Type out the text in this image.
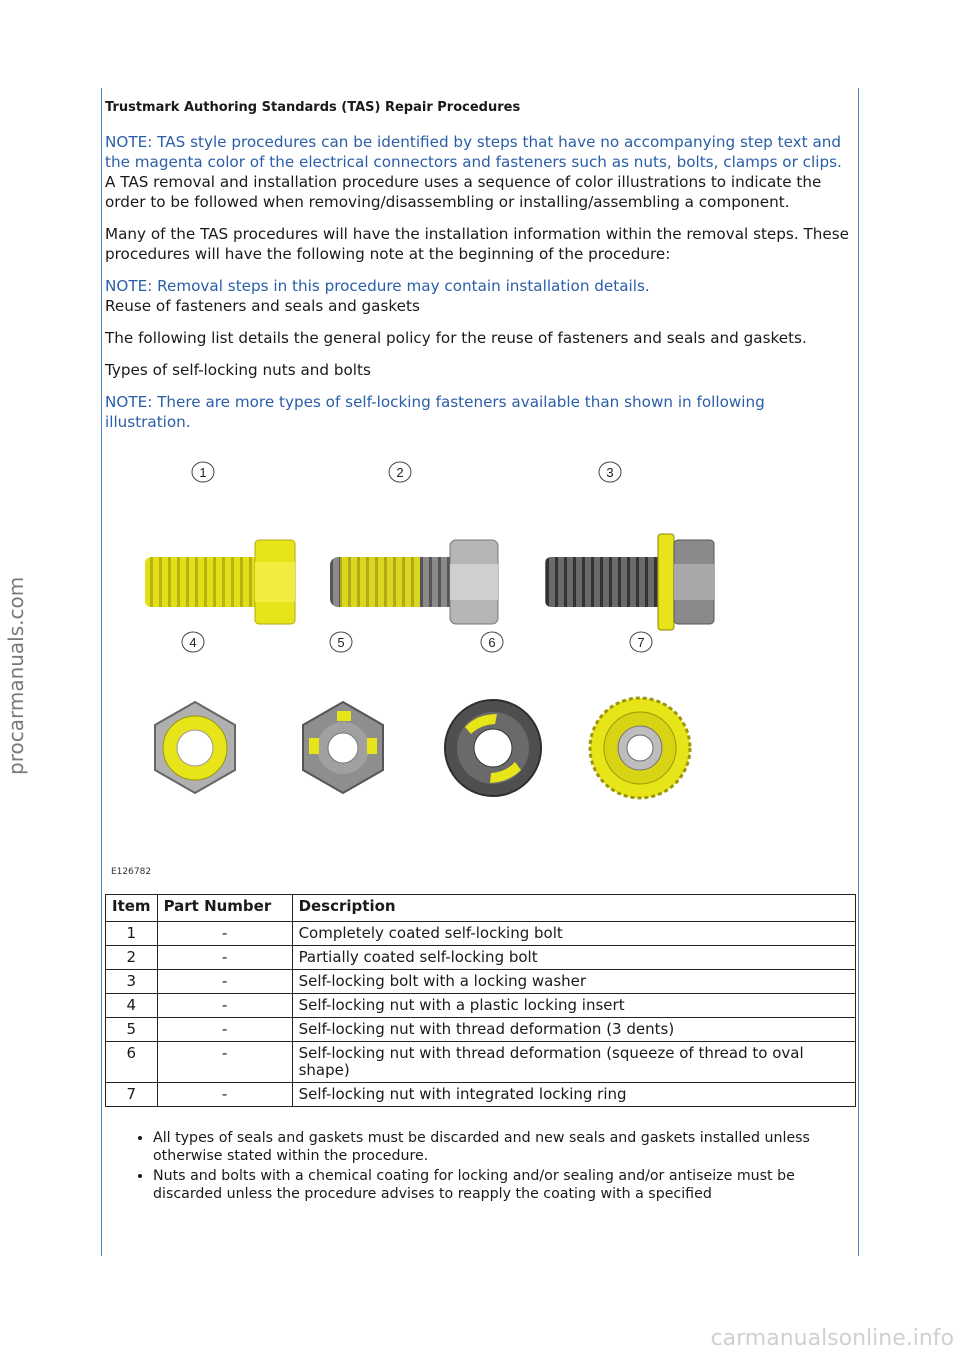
Trustmark Authoring Standards (TAS) Repair Procedures

NOTE: TAS style procedures can be identified by steps that have no accompanying step text and the magenta color of the electrical connectors and fasteners such as nuts, bolts, clamps or clips.

A TAS removal and installation procedure uses a sequence of color illustrations to indicate the order to be followed when removing/disassembling or installing/assembling a component.

Many of the TAS procedures will have the installation information within the removal steps. These procedures will have the following note at the beginning of the procedure:

NOTE: Removal steps in this procedure may contain installation details.

Reuse of fasteners and seals and gaskets

The following list details the general policy for the reuse of fasteners and seals and gaskets.

Types of self-locking nuts and bolts

NOTE: There are more types of self-locking fasteners available than shown in following illustration.

1	2	3
4	5	6	7
E126782
Item	Part Number	Description
1	-	Completely coated self-locking bolt
2	-	Partially coated self-locking bolt
3	-	Self-locking bolt with a locking washer
4	-	Self-locking nut with a plastic locking insert
5	-	Self-locking nut with thread deformation (3 dents)
6	-	Self-locking nut with thread deformation (squeeze of thread to oval shape)
7	-	Self-locking nut with integrated locking ring
• All types of seals and gaskets must be discarded and new seals and gaskets installed unless otherwise stated within the procedure.
• Nuts and bolts with a chemical coating for locking and/or sealing and/or antiseize must be discarded unless the procedure advises to reapply the coating with a specified
procarmanuals.com
carmanualsonline.info
